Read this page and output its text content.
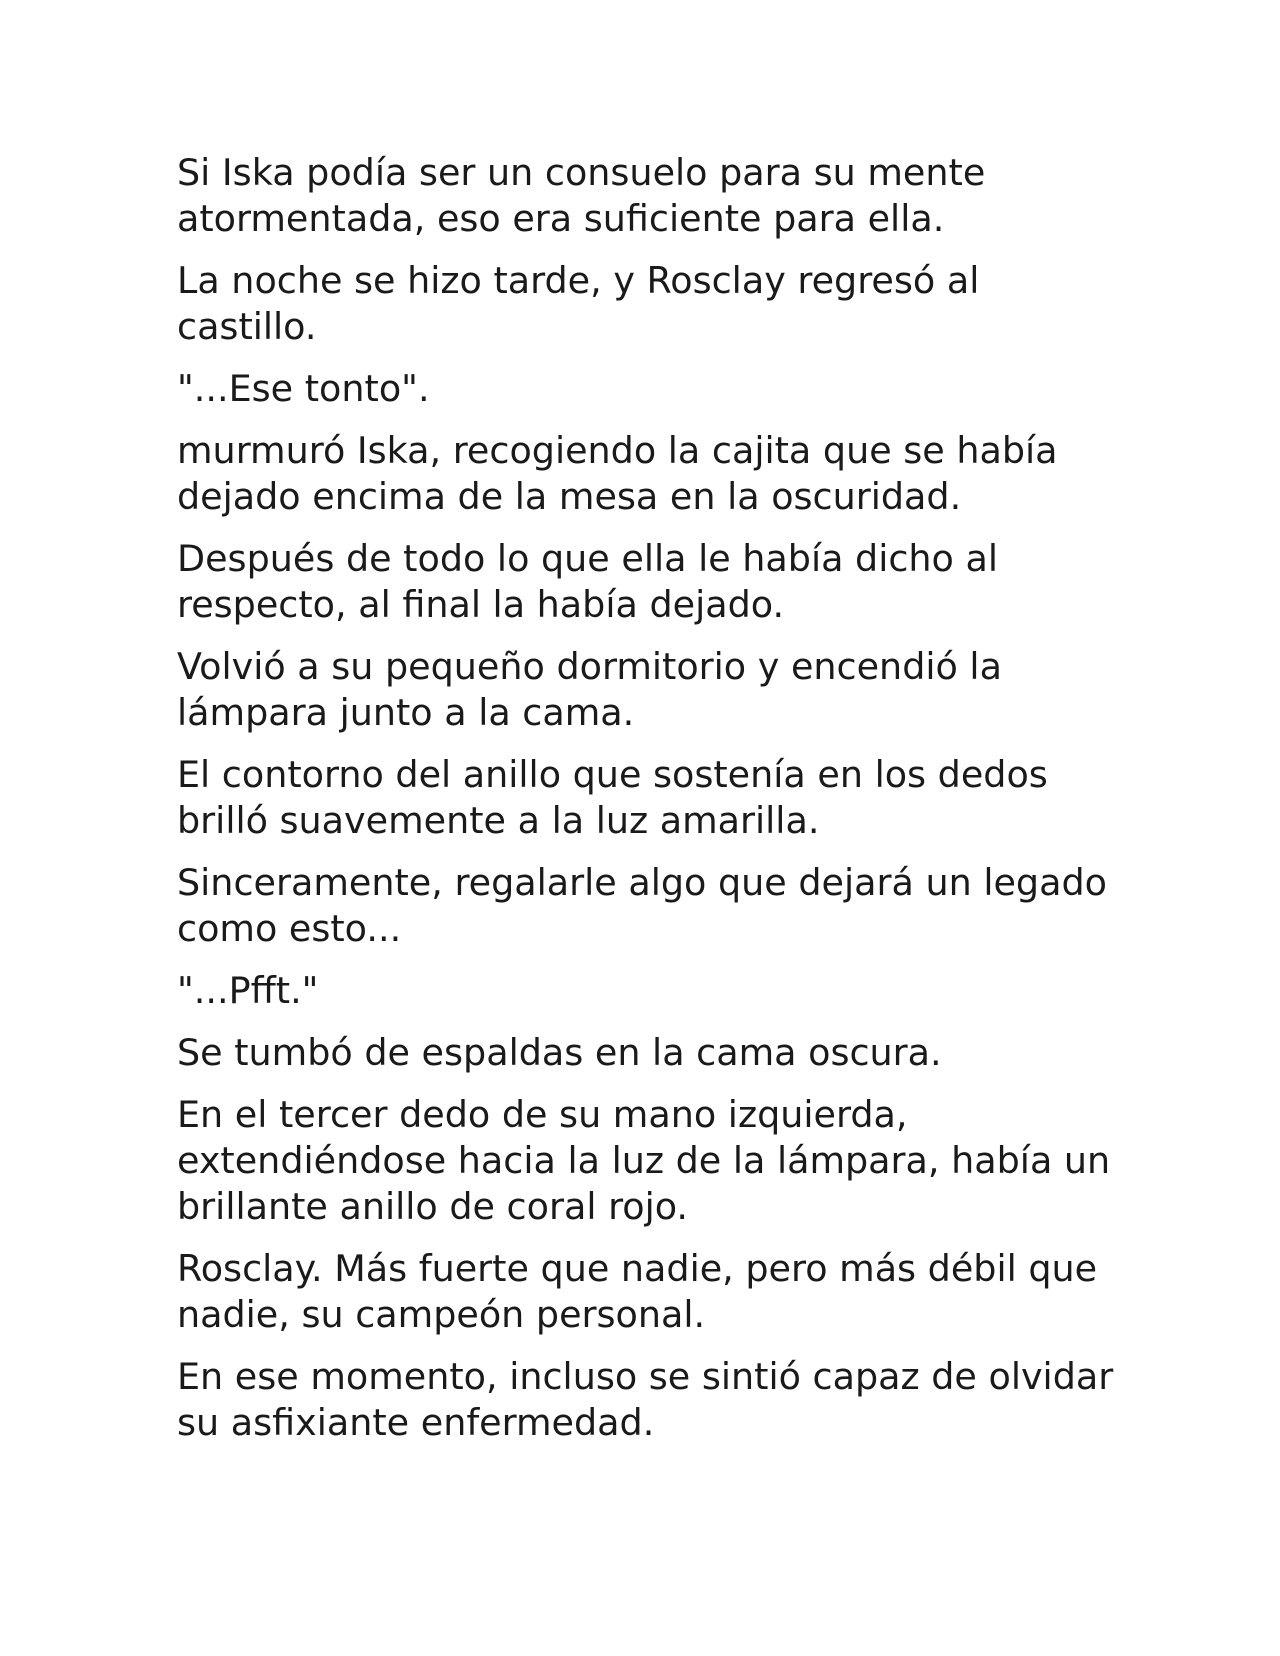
Si Iska podía ser un consuelo para su mente atormentada, eso era suficiente para ella.

La noche se hizo tarde, y Rosclay regresó al castillo.

"...Ese tonto".

murmuró Iska, recogiendo la cajita que se había dejado encima de la mesa en la oscuridad.

Después de todo lo que ella le había dicho al respecto, al final la había dejado.

Volvió a su pequeño dormitorio y encendió la lámpara junto a la cama.

El contorno del anillo que sostenía en los dedos brilló suavemente a la luz amarilla.

Sinceramente, regalarle algo que dejará un legado como esto...

"...Pfft."

Se tumbó de espaldas en la cama oscura.

En el tercer dedo de su mano izquierda, extendiéndose hacia la luz de la lámpara, había un brillante anillo de coral rojo.

Rosclay. Más fuerte que nadie, pero más débil que nadie, su campeón personal.

En ese momento, incluso se sintió capaz de olvidar su asfixiante enfermedad.
